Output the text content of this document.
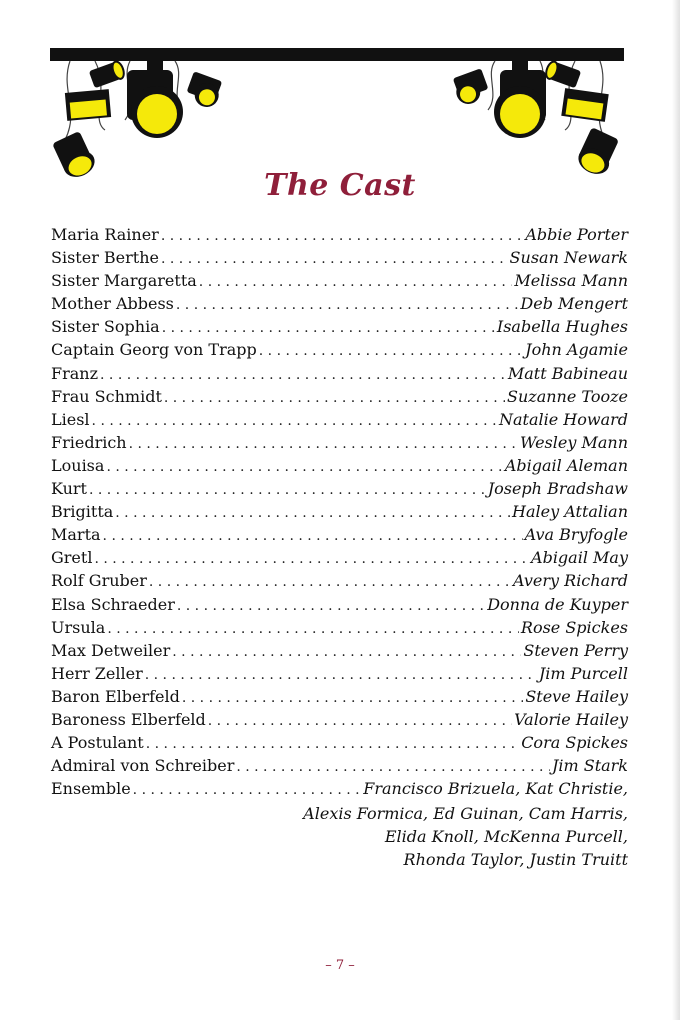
The Cast
Maria Rainer . . .	Abbie Porter
Sister Berthe . . .	Susan Newark
Sister Margaretta . . .	Melissa Mann
Mother Abbess . . .	Deb Mengert
Sister Sophia . . .	Isabella Hughes
Captain Georg von Trapp . . .	John Agamie
Franz . . .	Matt Babineau
Frau Schmidt . . .	Suzanne Tooze
Liesl . . .	Natalie Howard
Friedrich . . .	Wesley Mann
Louisa . . .	Abigail Aleman
Kurt . . .	Joseph Bradshaw
Brigitta . . .	Haley Attalian
Marta . . .	Ava Bryfogle
Gretl . . .	Abigail May
Rolf Gruber . . .	Avery Richard
Elsa Schraeder . . .	Donna de Kuyper
Ursula . . .	Rose Spickes
Max Detweiler . . .	Steven Perry
Herr Zeller . . .	Jim Purcell
Baron Elberfeld . . .	Steve Hailey
Baroness Elberfeld . . .	Valorie Hailey
A Postulant . . .	Cora Spickes
Admiral von Schreiber . . .	Jim Stark
Ensemble . . .	Francisco Brizuela, Kat Christie,
Alexis Formica, Ed Guinan, Cam Harris,
Elida Knoll, McKenna Purcell,
Rhonda Taylor, Justin Truitt
– 7 –
